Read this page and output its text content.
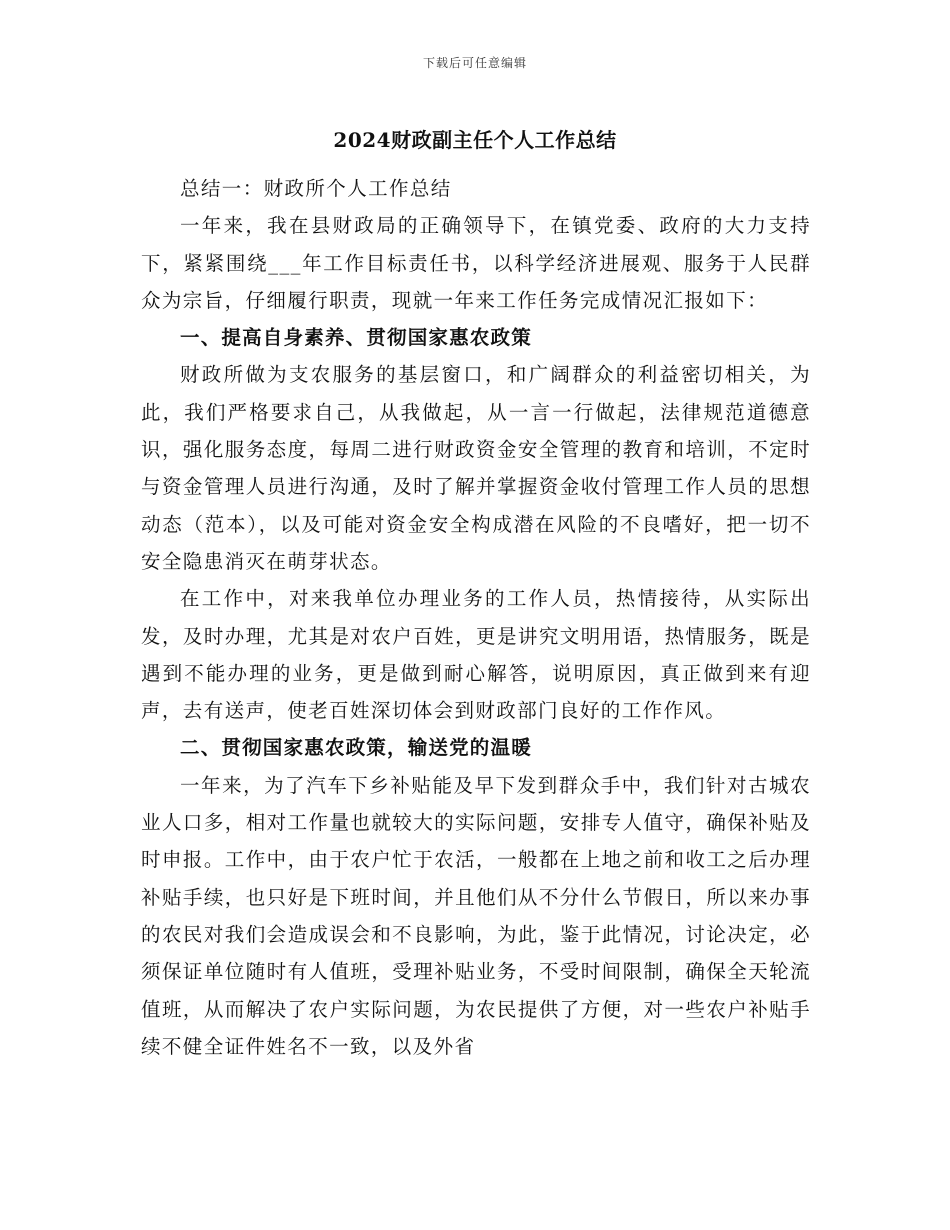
下载后可任意编辑
2024财政副主任个人工作总结

总结一：财政所个人工作总结

一年来，我在县财政局的正确领导下，在镇党委、政府的大力支持下，紧紧围绕___年工作目标责任书，以科学经济进展观、服务于人民群众为宗旨，仔细履行职责，现就一年来工作任务完成情况汇报如下：

一、提高自身素养、贯彻国家惠农政策

财政所做为支农服务的基层窗口，和广阔群众的利益密切相关，为此，我们严格要求自己，从我做起，从一言一行做起，法律规范道德意识，强化服务态度，每周二进行财政资金安全管理的教育和培训，不定时与资金管理人员进行沟通，及时了解并掌握资金收付管理工作人员的思想动态（范本），以及可能对资金安全构成潜在风险的不良嗜好，把一切不安全隐患消灭在萌芽状态。

在工作中，对来我单位办理业务的工作人员，热情接待，从实际出发，及时办理，尤其是对农户百姓，更是讲究文明用语，热情服务，既是遇到不能办理的业务，更是做到耐心解答，说明原因，真正做到来有迎声，去有送声，使老百姓深切体会到财政部门良好的工作作风。

二、贯彻国家惠农政策，输送党的温暖

一年来，为了汽车下乡补贴能及早下发到群众手中，我们针对古城农业人口多，相对工作量也就较大的实际问题，安排专人值守，确保补贴及时申报。工作中，由于农户忙于农活，一般都在上地之前和收工之后办理补贴手续，也只好是下班时间，并且他们从不分什么节假日，所以来办事的农民对我们会造成误会和不良影响，为此，鉴于此情况，讨论决定，必须保证单位随时有人值班，受理补贴业务，不受时间限制，确保全天轮流值班，从而解决了农户实际问题，为农民提供了方便，对一些农户补贴手续不健全证件姓名不一致，以及外省
